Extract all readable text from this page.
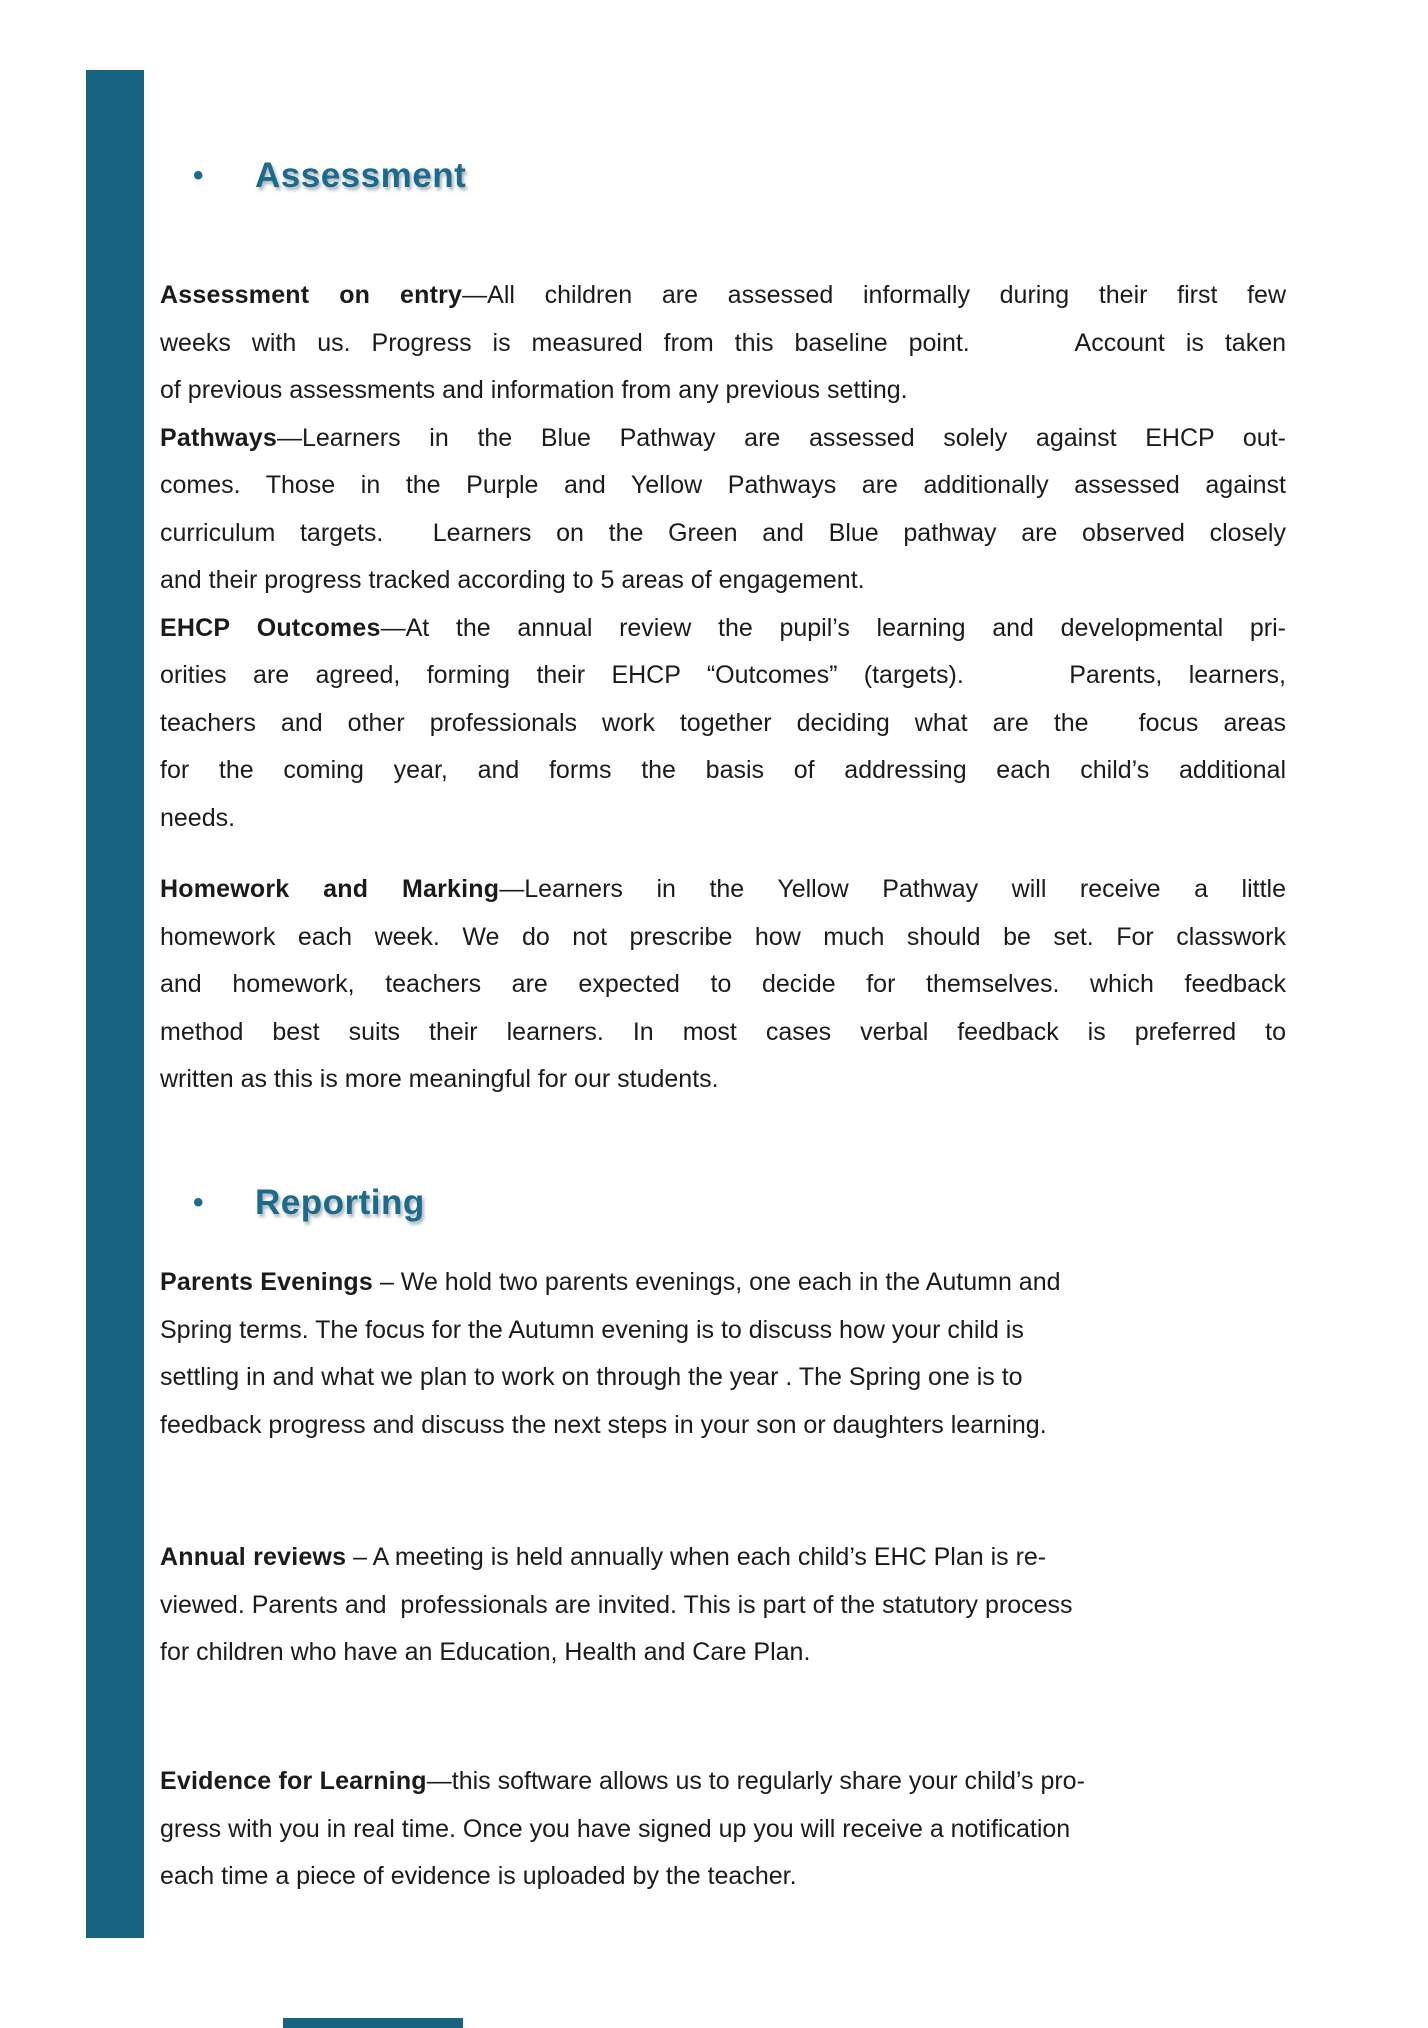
• Assessment
Assessment on entry—All children are assessed informally during their first few
weeks with us. Progress is measured from this baseline point.     Account is taken
of previous assessments and information from any previous setting.
Pathways—Learners in the Blue Pathway are assessed solely against EHCP out-
comes. Those in the Purple and Yellow Pathways are additionally assessed against
curriculum targets.  Learners on the Green and Blue pathway are observed closely
and their progress tracked according to 5 areas of engagement.
EHCP Outcomes—At the annual review the pupil’s learning and developmental pri-
orities are agreed, forming their EHCP “Outcomes” (targets).    Parents, learners,
teachers and other professionals work together deciding what are the  focus areas
for the coming year, and forms the basis of addressing each child’s additional
needs.
Homework and Marking—Learners in the Yellow Pathway will receive a little
homework each week. We do not prescribe how much should be set. For classwork
and homework, teachers are expected to decide for themselves. which feedback
method best suits their learners. In most cases verbal feedback is preferred to
written as this is more meaningful for our students.
• Reporting
Parents Evenings – We hold two parents evenings, one each in the Autumn and
Spring terms. The focus for the Autumn evening is to discuss how your child is
settling in and what we plan to work on through the year . The Spring one is to
feedback progress and discuss the next steps in your son or daughters learning.
Annual reviews – A meeting is held annually when each child’s EHC Plan is re-
viewed. Parents and  professionals are invited. This is part of the statutory process
for children who have an Education, Health and Care Plan.
Evidence for Learning—this software allows us to regularly share your child’s pro-
gress with you in real time. Once you have signed up you will receive a notification
each time a piece of evidence is uploaded by the teacher.
